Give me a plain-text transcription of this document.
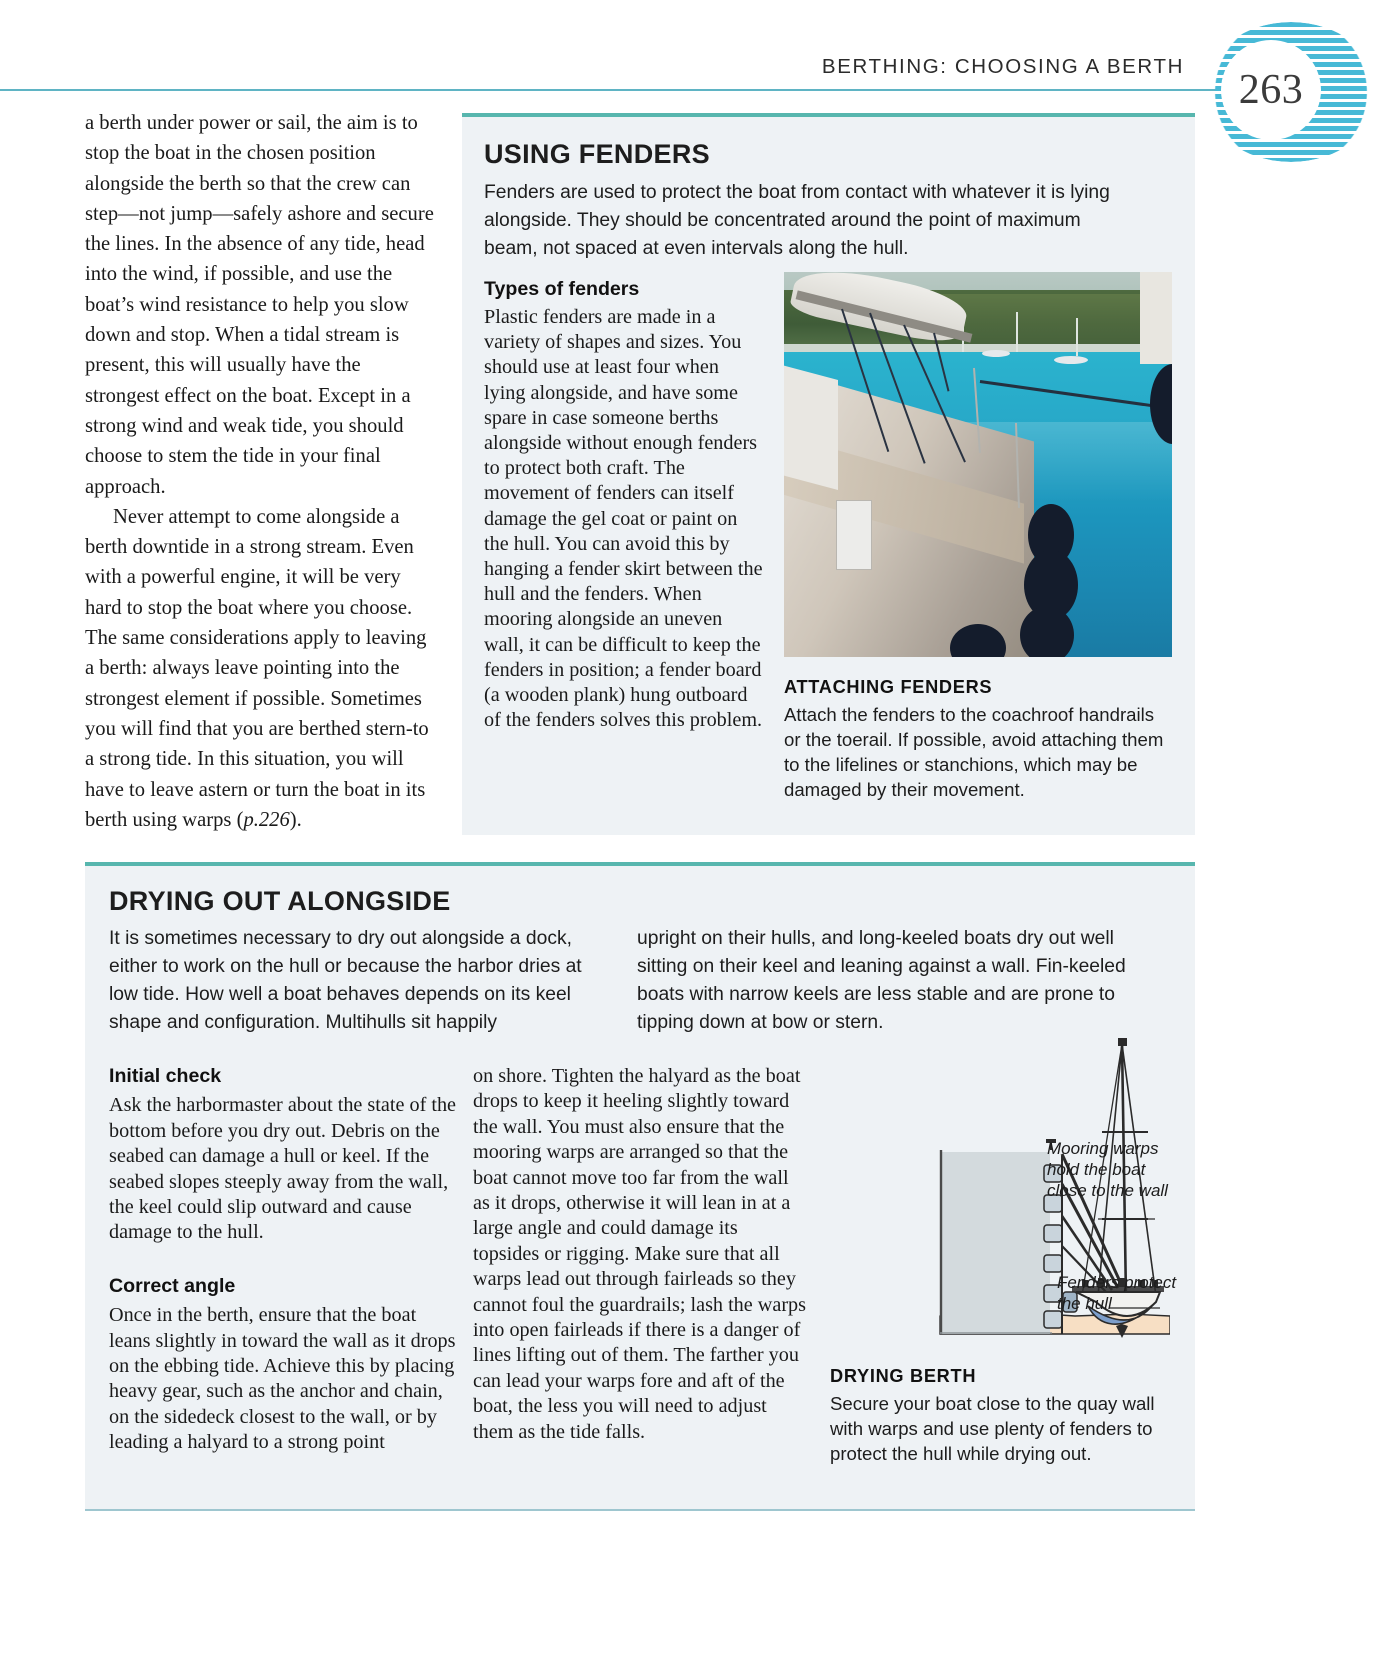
BERTHING: CHOOSING A BERTH
263

a berth under power or sail, the aim is to stop the boat in the chosen position alongside the berth so that the crew can step—not jump—safely ashore and secure the lines. In the absence of any tide, head into the wind, if possible, and use the boat’s wind resistance to help you slow down and stop. When a tidal stream is present, this will usually have the strongest effect on the boat. Except in a strong wind and weak tide, you should choose to stem the tide in your final approach.

Never attempt to come alongside a berth downtide in a strong stream. Even with a powerful engine, it will be very hard to stop the boat where you choose. The same considerations apply to leaving a berth: always leave pointing into the strongest element if possible. Sometimes you will find that you are berthed stern-to a strong tide. In this situation, you will have to leave astern or turn the boat in its berth using warps (p.226).

USING FENDERS
Fenders are used to protect the boat from contact with whatever it is lying alongside. They should be concentrated around the point of maximum beam, not spaced at even intervals along the hull.
Types of fenders
Plastic fenders are made in a variety of shapes and sizes. You should use at least four when lying alongside, and have some spare in case someone berths alongside without enough fenders to protect both craft. The movement of fenders can itself damage the gel coat or paint on the hull. You can avoid this by hanging a fender skirt between the hull and the fenders. When mooring alongside an uneven wall, it can be difficult to keep the fenders in position; a fender board (a wooden plank) hung outboard of the fenders solves this problem.
ATTACHING FENDERS
Attach the fenders to the coachroof handrails or the toerail. If possible, avoid attaching them to the lifelines or stanchions, which may be damaged by their movement.
DRYING OUT ALONGSIDE
It is sometimes necessary to dry out alongside a dock, either to work on the hull or because the harbor dries at low tide. How well a boat behaves depends on its keel shape and configuration. Multihulls sit happily
upright on their hulls, and long-keeled boats dry out well sitting on their keel and leaning against a wall. Fin-keeled boats with narrow keels are less stable and are prone to tipping down at bow or stern.
Initial check
Ask the harbormaster about the state of the bottom before you dry out. Debris on the seabed can damage a hull or keel. If the seabed slopes steeply away from the wall, the keel could slip outward and cause damage to the hull.
Correct angle
Once in the berth, ensure that the boat leans slightly in toward the wall as it drops on the ebbing tide. Achieve this by placing heavy gear, such as the anchor and chain, on the sidedeck closest to the wall, or by leading a halyard to a strong point
on shore. Tighten the halyard as the boat drops to keep it heeling slightly toward the wall. You must also ensure that the mooring warps are arranged so that the boat cannot move too far from the wall as it drops, otherwise it will lean in at a large angle and could damage its topsides or rigging. Make sure that all warps lead out through fairleads so they cannot foul the guardrails; lash the warps into open fairleads if there is a danger of lines lifting out of them. The farther you can lead your warps fore and aft of the boat, the less you will need to adjust them as the tide falls.
DRYING BERTH
Secure your boat close to the quay wall with warps and use plenty of fenders to protect the hull while drying out.
Mooring warps hold the boat close to the wall
Fenders protect the hull
